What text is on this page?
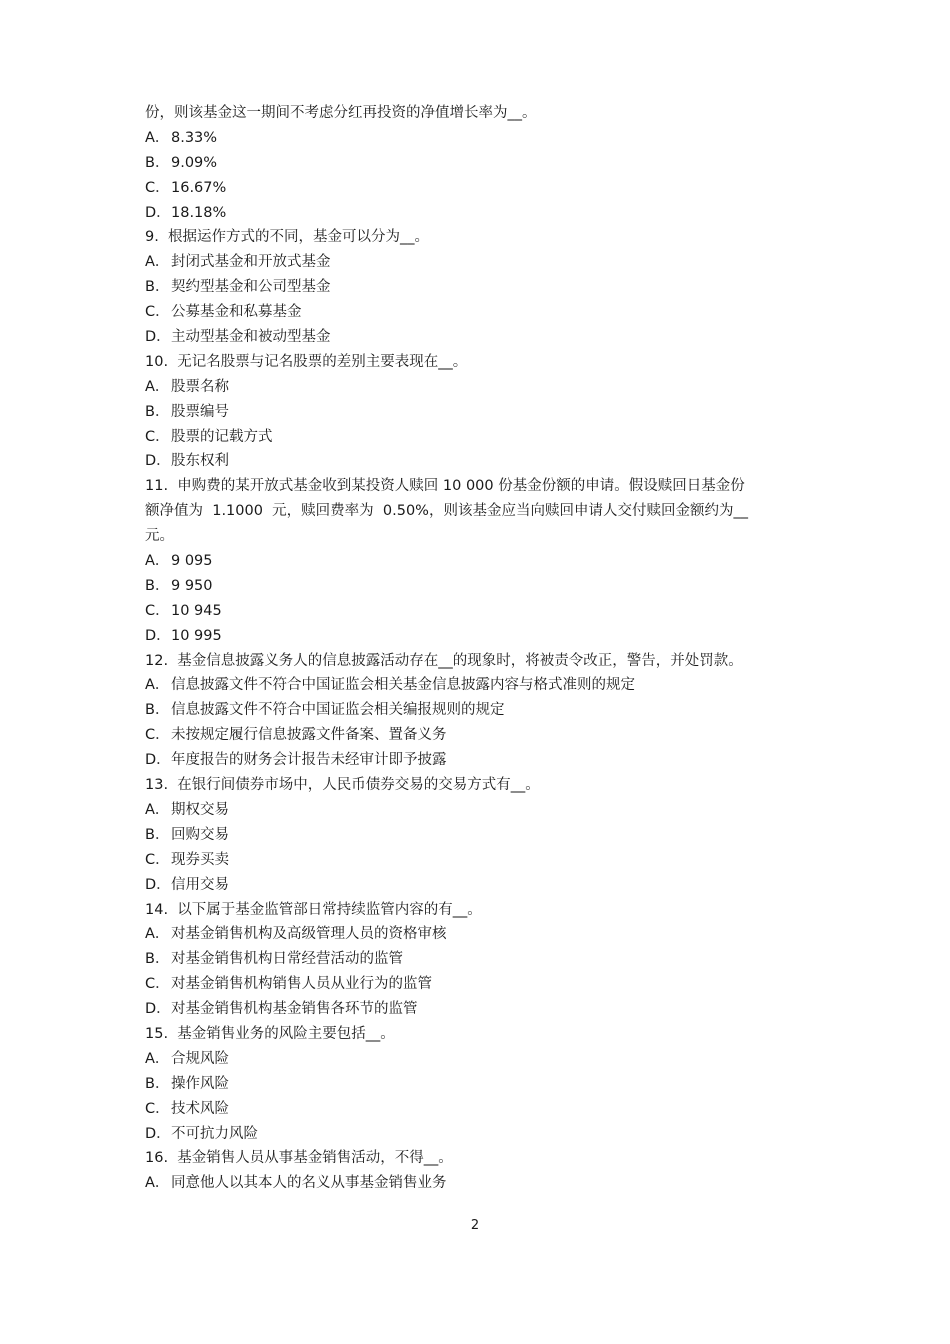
份，则该基金这一期间不考虑分红再投资的净值增长率为__。
A． 8.33%
B． 9.09%
C．16.67%
D．18.18%
9.  根据运作方式的不同，基金可以分为__。
A． 封闭式基金和开放式基金
B． 契约型基金和公司型基金
C．公募基金和私募基金
D．主动型基金和被动型基金
10.  无记名股票与记名股票的差别主要表现在__。
A． 股票名称
B． 股票编号
C．股票的记载方式
D．股东权利
11.  申购费的某开放式基金收到某投资人赎回 10 000 份基金份额的申请。假设赎回日基金份
额净值为  1.1000  元，赎回费率为  0.50%，则该基金应当向赎回申请人交付赎回金额约为__
元。
A． 9 095
B． 9 950
C．10 945
D．10 995
12.  基金信息披露义务人的信息披露活动存在__的现象时，将被责令改正，警告，并处罚款。
A． 信息披露文件不符合中国证监会相关基金信息披露内容与格式准则的规定
B． 信息披露文件不符合中国证监会相关编报规则的规定
C．未按规定履行信息披露文件备案、置备义务
D．年度报告的财务会计报告未经审计即予披露
13.  在银行间债券市场中，人民币债券交易的交易方式有__。
A． 期权交易
B． 回购交易
C．现券买卖
D．信用交易
14.  以下属于基金监管部日常持续监管内容的有__。
A． 对基金销售机构及高级管理人员的资格审核
B． 对基金销售机构日常经营活动的监管
C．对基金销售机构销售人员从业行为的监管
D．对基金销售机构基金销售各环节的监管
15.  基金销售业务的风险主要包括__。
A． 合规风险
B． 操作风险
C．技术风险
D．不可抗力风险
16.  基金销售人员从事基金销售活动，不得__。
A． 同意他人以其本人的名义从事基金销售业务
2
